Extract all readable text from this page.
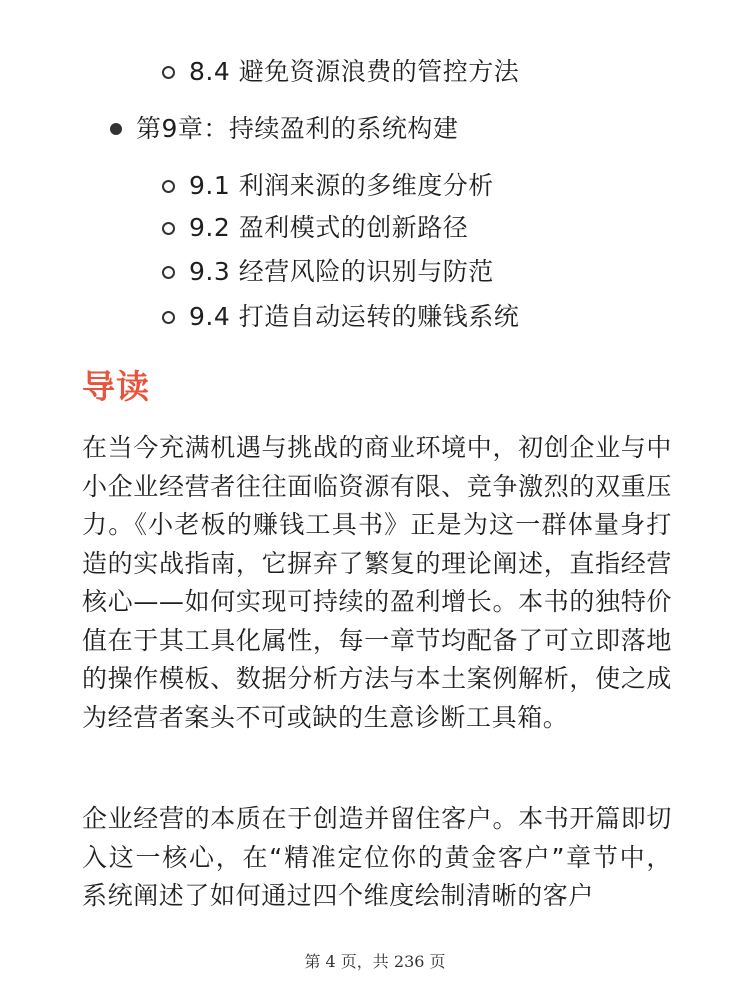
8.4 避免资源浪费的管控方法
第9章：持续盈利的系统构建
9.1 利润来源的多维度分析
9.2 盈利模式的创新路径
9.3 经营风险的识别与防范
9.4 打造自动运转的赚钱系统
导读

在当今充满机遇与挑战的商业环境中，初创企业与中小企业经营者往往面临资源有限、竞争激烈的双重压力。《小老板的赚钱工具书》正是为这一群体量身打造的实战指南，它摒弃了繁复的理论阐述，直指经营核心——如何实现可持续的盈利增长。本书的独特价值在于其工具化属性，每一章节均配备了可立即落地的操作模板、数据分析方法与本土案例解析，使之成为经营者案头不可或缺的生意诊断工具箱。

企业经营的本质在于创造并留住客户。本书开篇即切入这一核心，在“精准定位你的黄金客户”章节中，系统阐述了如何通过四个维度绘制清晰的客户

第 4 页，共 236 页
